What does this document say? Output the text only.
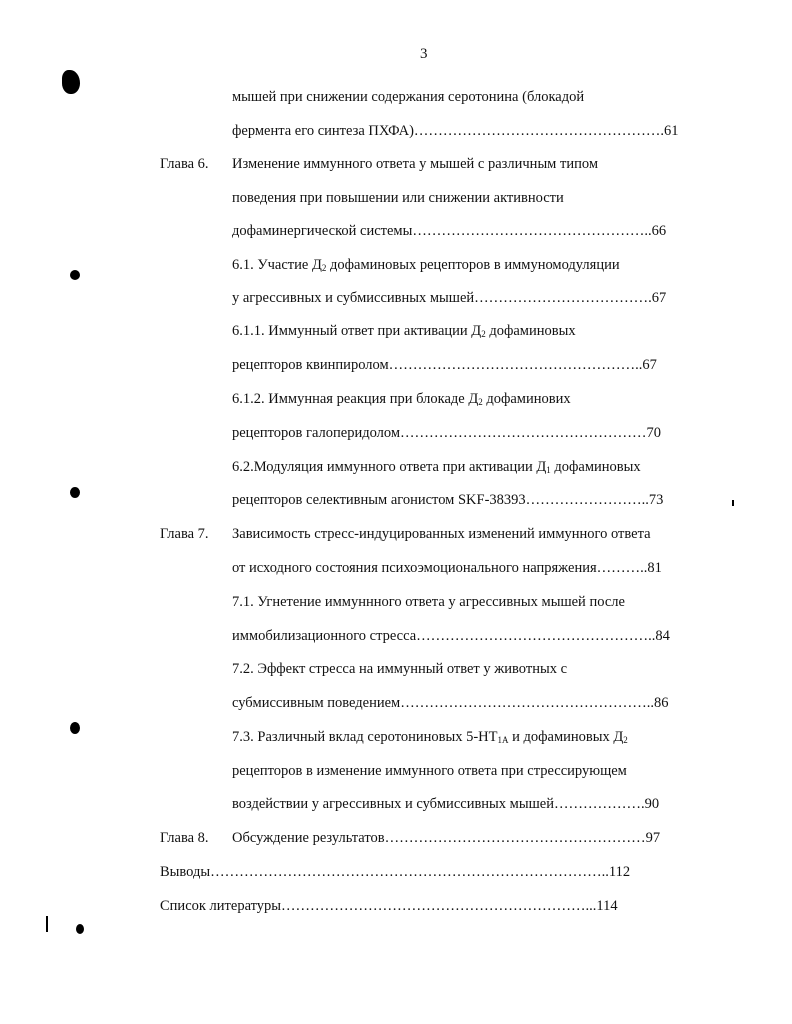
3
мышей при снижении содержания серотонина (блокадой
фермента его синтеза ПХФА)…………………………………………….61
Глава 6. Изменение иммунного ответа у мышей с различным типом
поведения при повышении или снижении активности
дофаминергической системы…………………………………………..66
6.1. Участие $Д_2$ дофаминовых рецепторов в иммуномодуляции
у агрессивных и субмиссивных мышей……………………………….67
6.1.1. Иммунный ответ при активации $Д_2$ дофаминовых
рецепторов квинпиролом……………………………………………..67
6.1.2. Иммунная реакция при блокаде $Д_2$ дофаминових
рецепторов галоперидолом……………………………………………70
6.2.Модуляция иммунного ответа при активации $Д_1$ дофаминовых
рецепторов селективным агонистом SKF-38393……………………..73
Глава 7. Зависимость стресс-индуцированных изменений иммунного ответа
от исходного состояния психоэмоционального напряжения………..81
7.1. Угнетение иммуннного ответа у агрессивных мышей после
иммобилизационного стресса…………………………………………..84
7.2. Эффект стресса на иммунный ответ у животных с
субмиссивным поведением……………………………………………..86
7.3. Различный вклад серотониновых $5-НТ_{1А}$ и дофаминовых $Д_2$
рецепторов в изменение иммунного ответа при стрессирующем
воздействии у агрессивных и субмиссивных мышей……………….90
Глава 8. Обсуждение результатов………………………………………………97
Выводы………………………………………………………………………..112
Список литературы………………………………………………………...114
